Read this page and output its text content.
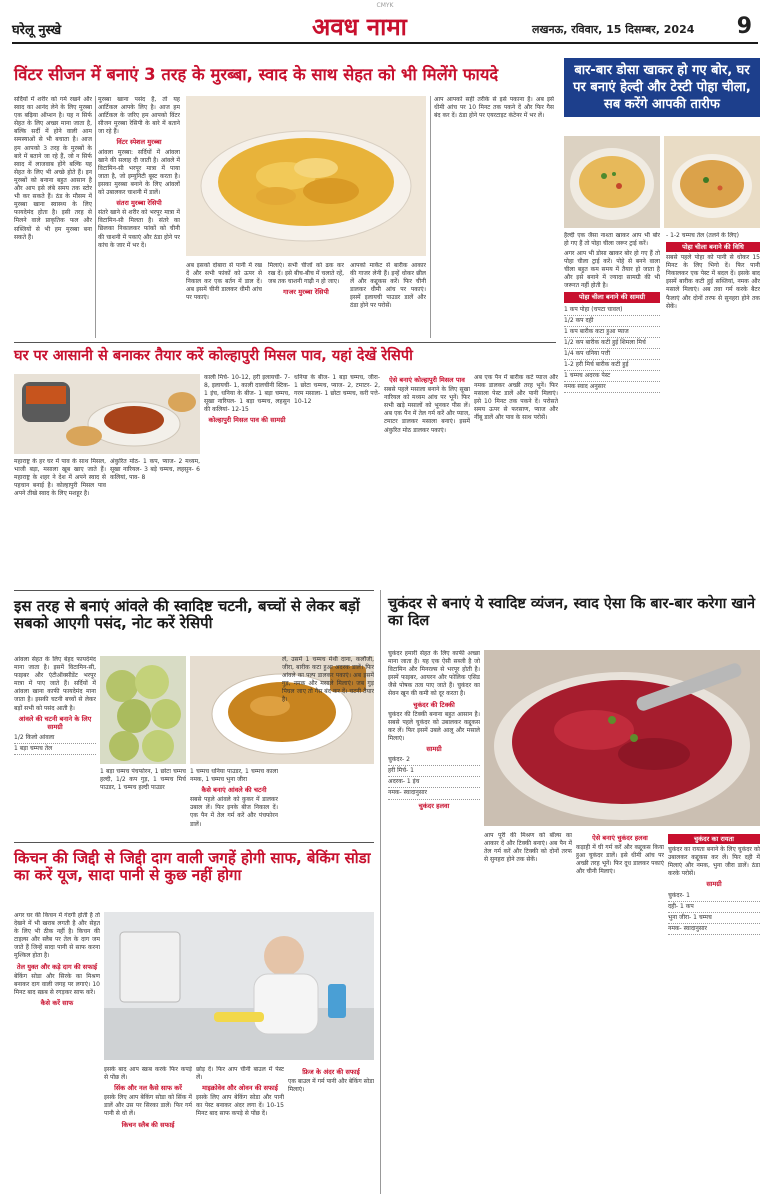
CMYK
घरेलू नुस्खे	अवध नामा	लखनऊ, रविवार, 15 दिसम्बर, 2024 9
विंटर सीजन में बनाएं 3 तरह के मुरब्बा, स्वाद के साथ सेहत को भी मिलेंगे फायदे

सर्दियों में शरीर को गर्म रखने और स्वाद का आनंद लेने के लिए मुरब्बा एक बढ़िया ऑप्शन है। यह न सिर्फ सेहत के लिए अच्छा माना जाता है, बल्कि सर्दी में होने वाली आम समस्याओं से भी बचाता है। आज हम आपको 3 तरह के मुरब्बों के बारे में बताने जा रहे हैं, जो न सिर्फ स्वाद में लाजवाब होंगे बल्कि यह सेहत के लिए भी अच्छे होते हैं। इन मुरब्बों को बनाना बहुत आसान है और आप इसे लंबे समय तक स्टोर भी कर सकते हैं। ठंड के मौसम में मुरब्बा खाना स्वास्थ्य के लिए फायदेमंद होता है। इसी तरह से मिलने वाले प्राकृतिक फल और सब्जियों से भी हम मुरब्बा बना सकते हैं।

मुरब्बा खाना पसंद है, तो यह आर्टिकल आपके लिए है। आज हम आर्टिकल के जरिए हम आपको विंटर सीजन मुरब्बा रेसिपी के बारे में बताने जा रहे हैं।

विंटर स्पेशल मुरब्बा

आंवला मुरब्बा: सर्दियों में आंवला खाने की सलाह दी जाती है। आंवले में विटामिन-सी भरपूर मात्रा में पाया जाता है, जो इम्युनिटी बूस्ट करता है। इसका मुरब्बा बनाने के लिए आंवलों को उबालकर चाशनी में डालें।

संतरा मुरब्बा रेसिपी

संतरे खाने से शरीर को भरपूर मात्रा में विटामिन-सी मिलता है। संतरे का छिलका निकालकर फांकों को चीनी की चाशनी में पकाएं और ठंडा होने पर कांच के जार में भर दें।

अब इसको दोबारा से पानी में रख दें और सभी फांकों को ऊपर से निकाल कर एक बर्तन में डाल दें। अब इसमें चीनी डालकर धीमी आंच पर पकाएं।

मिलाएं। सभी चीजों को ढक कर रख दें। इसे बीच-बीच में चलाते रहें, जब तक चाशनी गाढ़ी न हो जाए।

गाजर मुरब्बा रेसिपी

आपको मार्केट से बारीक आकार की गाजर लेनी हैं। इन्हें धोकर छील लें और कद्दूकस करें। फिर चीनी डालकर धीमी आंच पर पकाएं। इसमें इलायची पाउडर डालें और ठंडा होने पर परोसें।

आप आपको सही तरीके से इसे पकाना है। अब इसे धीमी आंच पर 10 मिनट तक पकने दें और फिर गैस बंद कर दें। ठंडा होने पर एयरटाइट कंटेनर में भर लें।

बार-बार डोसा खाकर हो गए बोर, घर पर बनाएं हेल्दी और टेस्टी पोहा चीला, सब करेंगे आपकी तारीफ

हैल्दी एक जैसा नाश्ता खाकर आप भी बोर हो गए हैं तो पोहा चीला जरूर ट्राई करें।

अगर आप भी डोसा खाकर बोर हो गए हैं तो पोहा चीला ट्राई करें। पोहे से बनने वाला चीला बहुत कम समय में तैयार हो जाता है और इसे बनाने में ज्यादा सामग्री की भी जरूरत नहीं होती है।

पोहा चीला बनाने की सामग्री
1 कप पोहा (चपटा चावल)
1/2 कप दही
1 कप बारीक कटा हुआ प्याज
1/2 कप बारीक कटी हुई शिमला मिर्च
1/4 कप धनिया पत्ती
1-2 हरी मिर्च बारीक कटी हुई
1 चम्मच अदरक पेस्ट
नमक स्वाद अनुसार

- 1-2 चम्मच तेल (तलने के लिए)

पोहा चीला बनाने की विधि

सबसे पहले पोहा को पानी से धोकर 15 मिनट के लिए भिगो दें। फिर पानी निकालकर एक पेस्ट में बदल दें। इसके बाद इसमें बारीक कटी हुई सब्जियां, नमक और मसाले मिलाएं। अब तवा गर्म करके बैटर फैलाएं और दोनों तरफ से सुनहरा होने तक सेकें।

घर पर आसानी से बनाकर तैयार करें कोल्हापुरी मिसल पाव, यहां देखें रेसिपी

महाराष्ट्र के हर घर में पाव के साथ मिसल, भाजी बड़ा, मसाला खूब खाए जाते हैं। महाराष्ट्र के शहर ने देश में अपने स्वाद से पहचान बनाई है। कोल्हापुरी मिसल पाव अपने तीखे स्वाद के लिए मशहूर है।

अंकुरित मोठ- 1 कप, प्याज- 2 मध्यम, सूखा नारियल- 3 बड़े चम्मच, लहसुन- 6 कलियां, पाव- 8

काली मिर्च- 10-12, हरी इलायची- 7-8, इलायची- 1, काली दालचीनी स्टिक- 1 इंच, धनिया के बीज- 1 बड़ा चम्मच, सूखा नारियल- 1 बड़ा चम्मच, लहसुन की कलियां- 12-15

कोल्हापुरी मिसल पाव की सामग्री

धनिया के बीज- 1 बड़ा चम्मच, जीरा- 1 छोटा चम्मच, प्याज- 2, टमाटर- 2, गरम मसाला- 1 छोटा चम्मच, करी पत्ते- 10-12

ऐसे बनाएं कोल्हापुरी मिसल पाव

सबसे पहले मसाला बनाने के लिए सूखा नारियल को मध्यम आंच पर भूनें। फिर सभी खड़े मसालों को भूनकर पीस लें। अब एक पैन में तेल गर्म करें और प्याज, टमाटर डालकर मसाला बनाएं। इसमें अंकुरित मोठ डालकर पकाएं।

अब एक पैन में बारीक कटे प्याज और नमक डालकर अच्छी तरह भूनें। फिर मसाला पेस्ट डालें और पानी मिलाएं। इसे 10 मिनट तक पकने दें। परोसते समय ऊपर से फरसाण, प्याज और नींबू डालें और पाव के साथ परोसें।

इस तरह से बनाएं आंवले की स्वादिष्ट चटनी, बच्चों से लेकर बड़ों सबको आएगी पसंद, नोट करें रेसिपी

आंवला सेहत के लिए बेहद फायदेमंद माना जाता है। इसमें विटामिन-सी, फाइबर और एंटीऑक्सीडेंट भरपूर मात्रा में पाए जाते हैं। सर्दियों में आंवला खाना काफी फायदेमंद माना जाता है। इसकी चटनी बच्चों से लेकर बड़ों सभी को पसंद आती है।

आंवले की चटनी बनाने के लिए सामग्री
1/2 किलो आंवला
1 बड़ा चम्मच तेल

1 बड़ा चम्मच पंचफोरन, 1 छोटा चम्मच हल्दी, 1/2 कप गुड़, 1 चम्मच मिर्च पाउडर, 1 चम्मच हल्दी पाउडर

1 चम्मच धनिया पाउडर, 1 चम्मच काला नमक, 1 चम्मच भुना जीरा

कैसे बनाएं आंवले की चटनी

सबसे पहले आंवले को कुकर में डालकर उबाल लें। फिर इनके बीज निकाल दें। एक पैन में तेल गर्म करें और पंचफोरन डालें।

लें, उसमें 1 चम्मच मेथी दाना, कलौंजी, जीरा, बारीक कटा हुआ अदरक डालें। फिर आंवले का पल्प डालकर पकाएं। अब इसमें गुड़, नमक और मसाले मिलाएं। जब गुड़ पिघल जाए तो गैस बंद कर दें। चटनी तैयार है।

चुकंदर से बनाएं ये स्वादिष्ट व्यंजन, स्वाद ऐसा कि बार-बार करेगा खाने का दिल

चुकंदर हमारी सेहत के लिए काफी अच्छा माना जाता है। यह एक ऐसी सब्जी है जो विटामिन और मिनरल्स से भरपूर होती है। इसमें फाइबर, आयरन और फोलिक एसिड जैसे पोषक तत्व पाए जाते हैं। चुकंदर का सेवन खून की कमी को दूर करता है।

चुकंदर की टिक्की

चुकंदर की टिक्की बनाना बहुत आसान है। सबसे पहले चुकंदर को उबालकर कद्दूकस कर लें। फिर इसमें उबले आलू और मसाले मिलाएं।

सामग्री
चुकंदर- 2
हरी मिर्च- 1
अदरक- 1 इंच
नमक- स्वादानुसार
चुकंदर हलवा

आप पूरी की मिश्रण को बॉल्स का आकार दें और टिक्की बनाएं। अब पैन में तेल गर्म करें और टिक्की को दोनों तरफ से सुनहरा होने तक सेकें।

ऐसे बनाएं चुकंदर हलवा

कड़ाही में घी गर्म करें और कद्दूकस किया हुआ चुकंदर डालें। इसे धीमी आंच पर अच्छी तरह भूनें। फिर दूध डालकर पकाएं और चीनी मिलाएं।

चुकंदर का रायता

चुकंदर का रायता बनाने के लिए चुकंदर को उबालकर कद्दूकस कर लें। फिर दही में मिलाएं और नमक, भुना जीरा डालें। ठंडा करके परोसें।

सामग्री
चुकंदर- 1
दही- 1 कप
भुना जीरा- 1 चम्मच
नमक- स्वादानुसार
किचन की जिद्दी से जिद्दी दाग वाली जगहें होगी साफ, बेकिंग सोडा का करें यूज, सादा पानी से कुछ नहीं होगा

अगर घर की किचन में गंदगी होती है तो देखने में भी खराब लगती है और सेहत के लिए भी ठीक नहीं है। किचन की टाइल्स और स्लैब पर तेल के दाग जम जाते हैं जिन्हें सादा पानी से साफ करना मुश्किल होता है।

तेल युक्त और कड़े दाग की सफाई

बेकिंग सोडा और सिरके का मिश्रण बनाकर दाग वाली जगह पर लगाएं। 10 मिनट बाद स्क्रब से रगड़कर साफ करें।

कैसे करें साफ

इसके बाद आप स्क्रब करके फिर कपड़े से पोंछ लें।

सिंक और नल कैसे साफ करें

इसके लिए आप बेकिंग सोडा को सिंक में डालें और उस पर सिरका डालें। फिर गर्म पानी से धो लें।

किचन स्लैब की सफाई

छोड़ दें। फिर आप चीनी बाउल में पेस्ट लें।

माइक्रोवेव और ओवन की सफाई

इसके लिए आप बेकिंग सोडा और पानी का पेस्ट बनाकर अंदर लगा दें। 10-15 मिनट बाद साफ कपड़े से पोंछ दें।

फ्रिज के अंदर की सफाई

एक बाउल में गर्म पानी और बेकिंग सोडा मिलाएं।
